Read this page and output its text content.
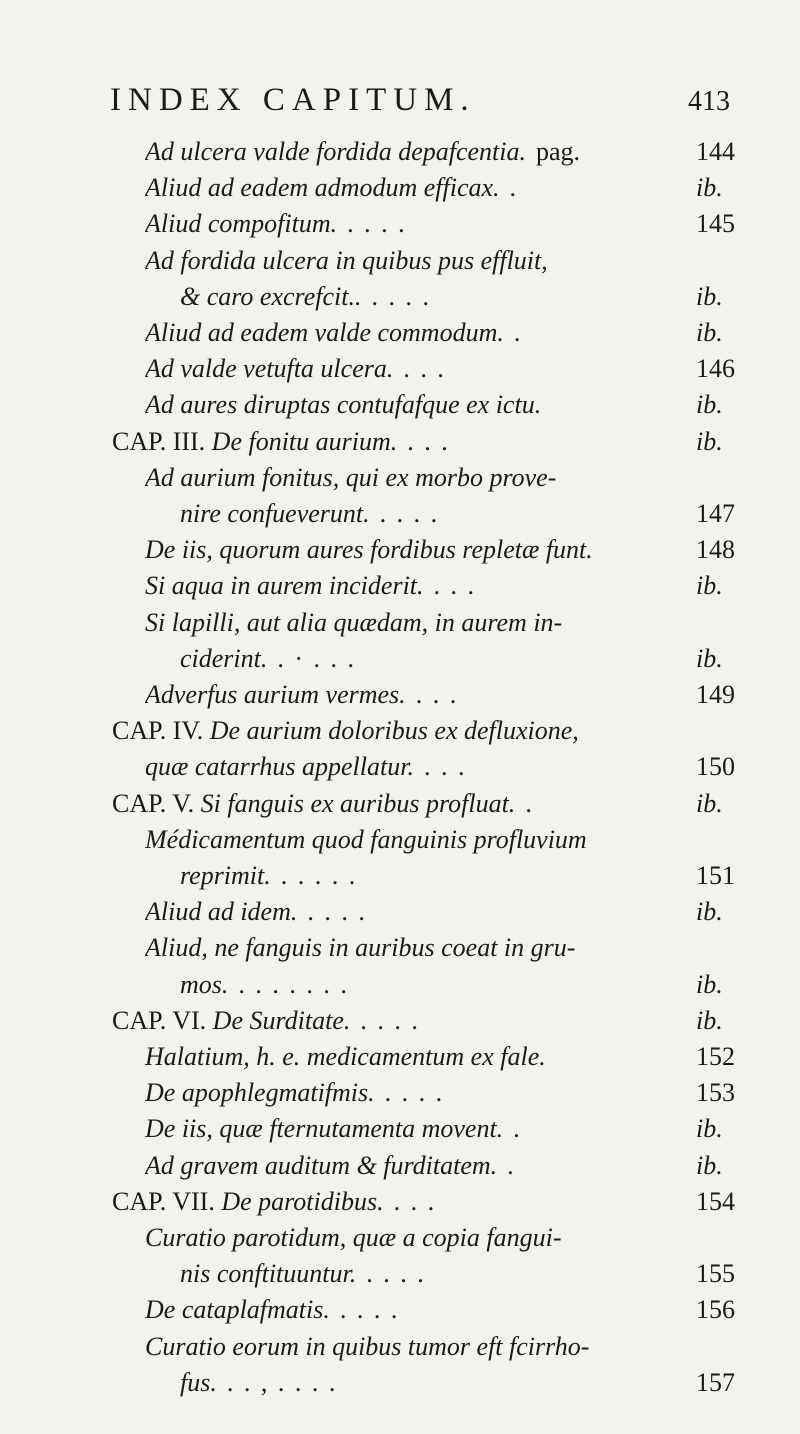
INDEX CAPITUM.	413
Ad ulcera valde fordida depafcentia. pag.	144
Aliud ad eadem admodum efficax. .	ib.
Aliud compofitum. . . . .	145
Ad fordida ulcera in quibus pus effluit,
& caro excrefcit.. . . . .	ib.
Aliud ad eadem valde commodum. .	ib.
Ad valde vetufta ulcera. . . .	146
Ad aures diruptas contufafque ex ictu.	ib.
CAP. III. De fonitu aurium. . . .	ib.
Ad aurium fonitus, qui ex morbo prove-
nire confueverunt. . . . .	147
De iis, quorum aures fordibus repletæ funt.	148
Si aqua in aurem inciderit. . . .	ib.
Si lapilli, aut alia quædam, in aurem in-
ciderint. . · . . .	ib.
Adverfus aurium vermes. . . .	149
CAP. IV. De aurium doloribus ex defluxione,
quæ catarrhus appellatur. . . .	150
CAP. V. Si fanguis ex auribus profluat. .	ib.
Médicamentum quod fanguinis profluvium
reprimit. . . . . .	151
Aliud ad idem. . . . .	ib.
Aliud, ne fanguis in auribus coeat in gru-
mos. . . . . . . .	ib.
CAP. VI. De Surditate. . . . .	ib.
Halatium, h. e. medicamentum ex fale.	152
De apophlegmatifmis. . . . .	153
De iis, quæ fternutamenta movent. .	ib.
Ad gravem auditum & furditatem. .	ib.
CAP. VII. De parotidibus. . . .	154
Curatio parotidum, quæ a copia fangui-
nis conftituuntur. . . . .	155
De cataplafmatis. . . . .	156
Curatio eorum in quibus tumor eft fcirrho-
fus. . . , . . . .	157
